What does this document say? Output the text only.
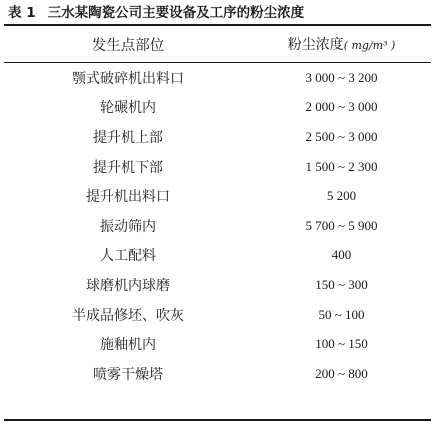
表 1 三水某陶瓷公司主要设备及工序的粉尘浓度
发生点部位	粉尘浓度( mg/m³ )
颚式破碎机出料口	3 000 ~ 3 200
轮碾机内	2 000 ~ 3 000
提升机上部	2 500 ~ 3 000
提升机下部	1 500 ~ 2 300
提升机出料口	5 200
振动筛内	5 700 ~ 5 900
人工配料	400
球磨机内球磨	150 ~ 300
半成品修坯、吹灰	50 ~ 100
施釉机内	100 ~ 150
喷雾干燥塔	200 ~ 800
